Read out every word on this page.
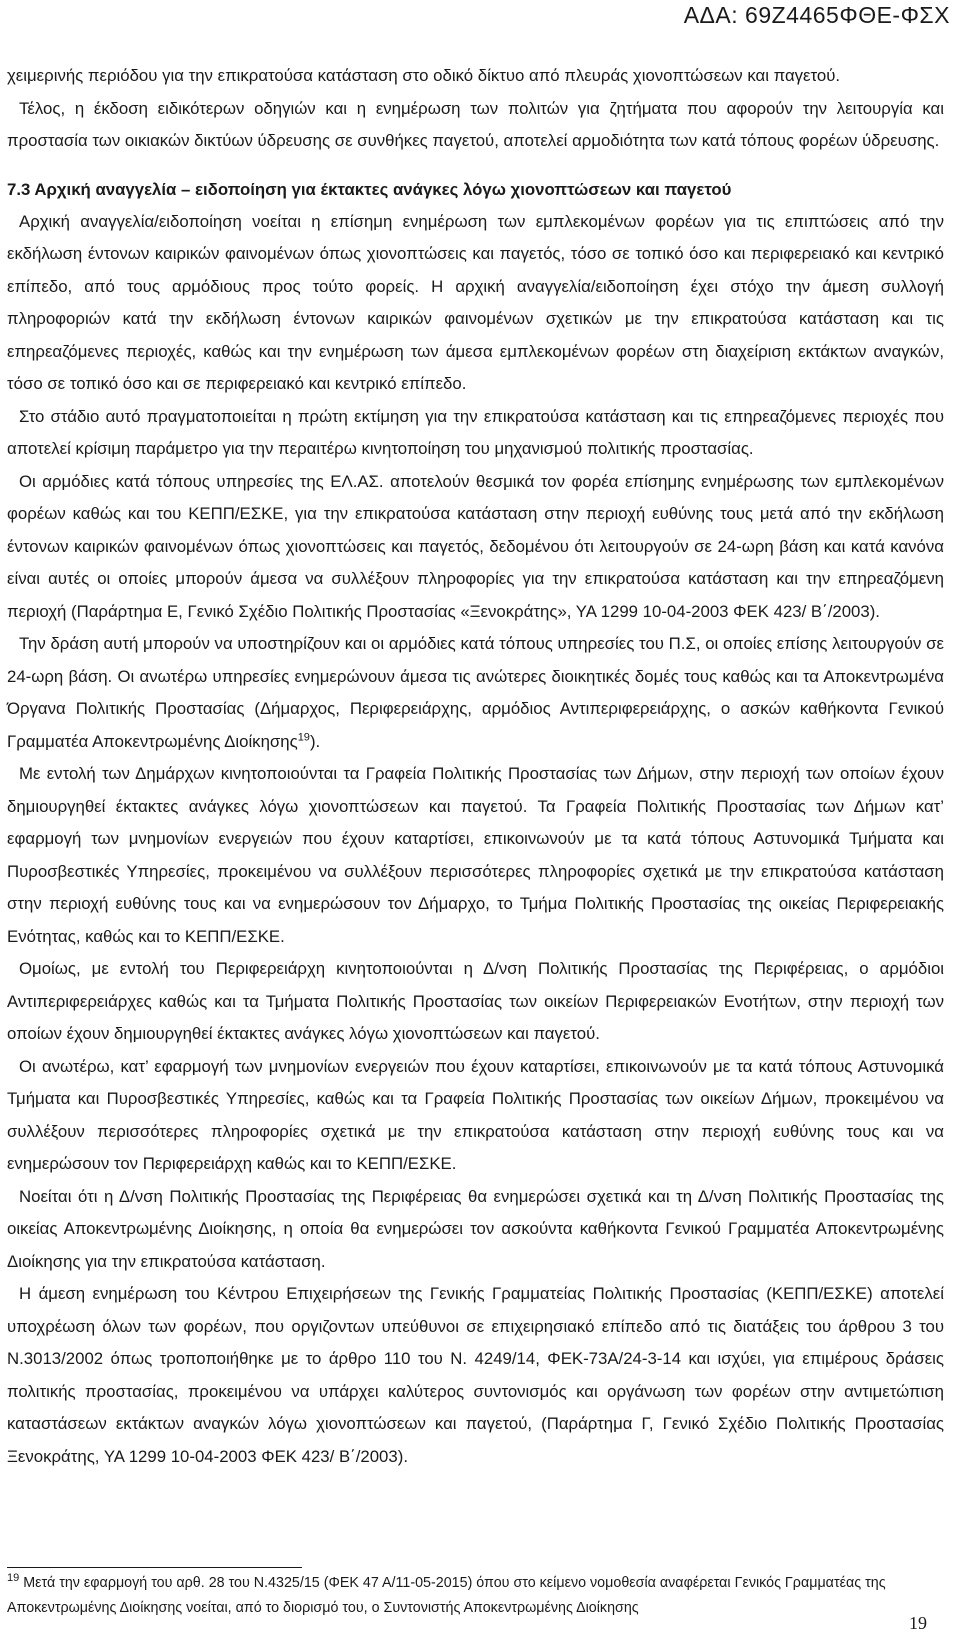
ΑΔΑ: 69Ζ4465ΦΘΕ-ΦΣΧ

χειμερινής περιόδου για την επικρατούσα κατάσταση στο οδικό δίκτυο από πλευράς χιονοπτώσεων και παγετού.

Τέλος, η έκδοση ειδικότερων οδηγιών και η ενημέρωση των πολιτών για ζητήματα που αφορούν την λειτουργία και προστασία των οικιακών δικτύων ύδρευσης σε συνθήκες παγετού, αποτελεί αρμοδιότητα των κατά τόπους φορέων ύδρευσης.

7.3 Αρχική αναγγελία – ειδοποίηση για έκτακτες ανάγκες λόγω χιονοπτώσεων και παγετού

Αρχική αναγγελία/ειδοποίηση νοείται η επίσημη ενημέρωση των εμπλεκομένων φορέων για τις επιπτώσεις από την εκδήλωση έντονων καιρικών φαινομένων όπως χιονοπτώσεις και παγετός, τόσο σε τοπικό όσο και περιφερειακό και κεντρικό επίπεδο, από τους αρμόδιους προς τούτο φορείς. Η αρχική αναγγελία/ειδοποίηση έχει στόχο την άμεση συλλογή πληροφοριών κατά την εκδήλωση έντονων καιρικών φαινομένων σχετικών με την επικρατούσα κατάσταση και τις επηρεαζόμενες περιοχές, καθώς και την ενημέρωση των άμεσα εμπλεκομένων φορέων στη διαχείριση εκτάκτων αναγκών, τόσο σε τοπικό όσο και σε περιφερειακό και κεντρικό επίπεδο.

Στο στάδιο αυτό πραγματοποιείται η πρώτη εκτίμηση για την επικρατούσα κατάσταση και τις επηρεαζόμενες περιοχές που αποτελεί κρίσιμη παράμετρο για την περαιτέρω κινητοποίηση του μηχανισμού πολιτικής προστασίας.

Οι αρμόδιες κατά τόπους υπηρεσίες της ΕΛ.ΑΣ. αποτελούν θεσμικά τον φορέα επίσημης ενημέρωσης των εμπλεκομένων φορέων καθώς και του ΚΕΠΠ/ΕΣΚΕ, για την επικρατούσα κατάσταση στην περιοχή ευθύνης τους μετά από την εκδήλωση έντονων καιρικών φαινομένων όπως χιονοπτώσεις και παγετός, δεδομένου ότι λειτουργούν σε 24-ωρη βάση και κατά κανόνα είναι αυτές οι οποίες μπορούν άμεσα να συλλέξουν πληροφορίες για την επικρατούσα κατάσταση και την επηρεαζόμενη περιοχή (Παράρτημα Ε, Γενικό Σχέδιο Πολιτικής Προστασίας «Ξενοκράτης», ΥΑ 1299 10-04-2003 ΦΕΚ 423/ Β΄/2003).

Την δράση αυτή μπορούν να υποστηρίζουν και οι αρμόδιες κατά τόπους υπηρεσίες του Π.Σ, οι οποίες επίσης λειτουργούν σε 24-ωρη βάση. Οι ανωτέρω υπηρεσίες ενημερώνουν άμεσα τις ανώτερες διοικητικές δομές τους καθώς και τα Αποκεντρωμένα Όργανα Πολιτικής Προστασίας (Δήμαρχος, Περιφερειάρχης, αρμόδιος Αντιπεριφερειάρχης, ο ασκών καθήκοντα Γενικού Γραμματέα Αποκεντρωμένης Διοίκησης$^{19}$).

Με εντολή των Δημάρχων κινητοποιούνται τα Γραφεία Πολιτικής Προστασίας των Δήμων, στην περιοχή των οποίων έχουν δημιουργηθεί έκτακτες ανάγκες λόγω χιονοπτώσεων και παγετού. Τα Γραφεία Πολιτικής Προστασίας των Δήμων κατ’ εφαρμογή των μνημονίων ενεργειών που έχουν καταρτίσει, επικοινωνούν με τα κατά τόπους Αστυνομικά Τμήματα και Πυροσβεστικές Υπηρεσίες, προκειμένου να συλλέξουν περισσότερες πληροφορίες σχετικά με την επικρατούσα κατάσταση στην περιοχή ευθύνης τους και να ενημερώσουν τον Δήμαρχο, το Τμήμα Πολιτικής Προστασίας της οικείας Περιφερειακής Ενότητας, καθώς και το ΚΕΠΠ/ΕΣΚΕ.

Ομοίως, με εντολή του Περιφερειάρχη κινητοποιούνται η Δ/νση Πολιτικής Προστασίας της Περιφέρειας, ο αρμόδιοι Αντιπεριφερειάρχες καθώς και τα Τμήματα Πολιτικής Προστασίας των οικείων Περιφερειακών Ενοτήτων, στην περιοχή των οποίων έχουν δημιουργηθεί έκτακτες ανάγκες λόγω χιονοπτώσεων και παγετού.

Οι ανωτέρω, κατ’ εφαρμογή των μνημονίων ενεργειών που έχουν καταρτίσει, επικοινωνούν με τα κατά τόπους Αστυνομικά Τμήματα και Πυροσβεστικές Υπηρεσίες, καθώς και τα Γραφεία Πολιτικής Προστασίας των οικείων Δήμων, προκειμένου να συλλέξουν περισσότερες πληροφορίες σχετικά με την επικρατούσα κατάσταση στην περιοχή ευθύνης τους και να ενημερώσουν τον Περιφερειάρχη καθώς και το ΚΕΠΠ/ΕΣΚΕ.

Νοείται ότι η Δ/νση Πολιτικής Προστασίας της Περιφέρειας θα ενημερώσει σχετικά και τη Δ/νση Πολιτικής Προστασίας της οικείας Αποκεντρωμένης Διοίκησης, η οποία θα ενημερώσει τον ασκούντα καθήκοντα Γενικού Γραμματέα Αποκεντρωμένης Διοίκησης για την επικρατούσα κατάσταση.

Η άμεση ενημέρωση του Κέντρου Επιχειρήσεων της Γενικής Γραμματείας Πολιτικής Προστασίας (ΚΕΠΠ/ΕΣΚΕ) αποτελεί υποχρέωση όλων των φορέων, που οργιζοντων υπεύθυνοι σε επιχειρησιακό επίπεδο από τις διατάξεις του άρθρου 3 του Ν.3013/2002 όπως τροποποιήθηκε με το άρθρο 110 του Ν. 4249/14, ΦΕΚ-73Α/24-3-14 και ισχύει, για επιμέρους δράσεις πολιτικής προστασίας, προκειμένου να υπάρχει καλύτερος συντονισμός και οργάνωση των φορέων στην αντιμετώπιση καταστάσεων εκτάκτων αναγκών λόγω χιονοπτώσεων και παγετού, (Παράρτημα Γ, Γενικό Σχέδιο Πολιτικής Προστασίας Ξενοκράτης, ΥΑ 1299 10-04-2003 ΦΕΚ 423/ Β΄/2003).

$^{19}$ Μετά την εφαρμογή του αρθ. 28 του Ν.4325/15 (ΦΕΚ 47 Α/11-05-2015) όπου στο κείμενο νομοθεσία αναφέρεται Γενικός Γραμματέας της Αποκεντρωμένης Διοίκησης νοείται, από το διορισμό του, ο Συντονιστής Αποκεντρωμένης Διοίκησης

19
